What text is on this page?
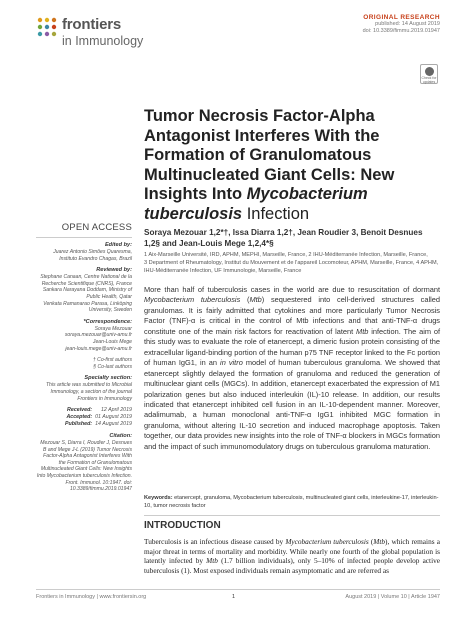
frontiers
in Immunology
ORIGINAL RESEARCH
published: 14 August 2019
doi: 10.3389/fimmu.2019.01947
Check for updates
Tumor Necrosis Factor-Alpha Antagonist Interferes With the Formation of Granulomatous Multinucleated Giant Cells: New Insights Into Mycobacterium tuberculosis Infection
Soraya Mezouar 1,2*†, Issa Diarra 1,2†, Jean Roudier 3, Benoit Desnues 1,2§ and Jean-Louis Mege 1,2,4*§
1 Aix-Marseille Université, IRD, APHM, MEPHI, Marseille, France, 2 IHU-Méditerranée Infection, Marseille, France,
3 Department of Rheumatology, Institut du Mouvement et de l'appareil Locomoteur, APHM, Marseille, France, 4 APHM,
IHU-Méditerranée Infection, UF Immunologie, Marseille, France

More than half of tuberculosis cases in the world are due to resuscitation of dormant Mycobacterium tuberculosis (Mtb) sequestered into cell-derived structures called granulomas. It is fairly admitted that cytokines and more particularly Tumor Necrosis Factor (TNF)-α is critical in the control of Mtb infections and that anti-TNF-α drugs constitute one of the main risk factors for reactivation of latent Mtb infection. The aim of this study was to evaluate the role of etanercept, a dimeric fusion protein consisting of the extracellular ligand-binding portion of the human p75 TNF receptor linked to the Fc portion of human IgG1, in an in vitro model of human tuberculous granuloma. We showed that etanercept slightly delayed the formation of granuloma and reduced the generation of multinuclear giant cells (MGCs). In addition, etanercept exacerbated the expression of M1 polarization genes but also induced interleukin (IL)-10 release. In addition, our results indicated that etanercept inhibited cell fusion in an IL-10-dependent manner. Moreover, adalimumab, a human monoclonal anti-TNF-α IgG1 inhibited MGC formation in granuloma, without altering IL-10 secretion and induced macrophage apoptosis. Taken together, our data provides new insights into the role of TNF-α blockers in MGCs formation and the impact of such immunomodulatory drugs on tuberculous granuloma maturation.

Keywords: etanercept, granuloma, Mycobacterium tuberculosis, multinucleated giant cells, interleukine-17, interleukin-10, tumor necrosis factor

INTRODUCTION

Tuberculosis is an infectious disease caused by Mycobacterium tuberculosis (Mtb), which remains a major threat in terms of mortality and morbidity. While nearly one fourth of the global population is latently infected by Mtb (1.7 billion individuals), only 5–10% of infected people develop active tuberculosis (1). Most exposed individuals remain asymptomatic and are referred as

OPEN ACCESS
Edited by:
Juarez Antonio Simões Quaresma, Instituto Evandro Chagas, Brazil
Reviewed by:
Stephane Canaan, Centre National de la Recherche Scientifique (CNRS), France
Sankara Narayana Doddam, Ministry of Public Health, Qatar
Venkata Ramanarao Parasa, Linköping University, Sweden
*Correspondence:
Soraya Mezouar
soraya.mezouar@univ-amu.fr
Jean-Louis Mege
jean-louis.mege@univ-amu.fr
† Co-first authors
§ Co-last authors
Specialty section:
This article was submitted to Microbial Immunology, a section of the journal Frontiers in Immunology
Received:	12 April 2019
Accepted: 01 August 2019
Published: 14 August 2019
Citation:
Mezouar S, Diarra I, Roudier J, Desnues B and Mege J-L (2019) Tumor Necrosis Factor-Alpha Antagonist Interferes With the Formation of Granulomatous Multinucleated Giant Cells: New Insights Into Mycobacterium tuberculosis Infection. Front. Immunol. 10:1947. doi: 10.3389/fimmu.2019.01947
Frontiers in Immunology | www.frontiersin.org	1	August 2019 | Volume 10 | Article 1947
